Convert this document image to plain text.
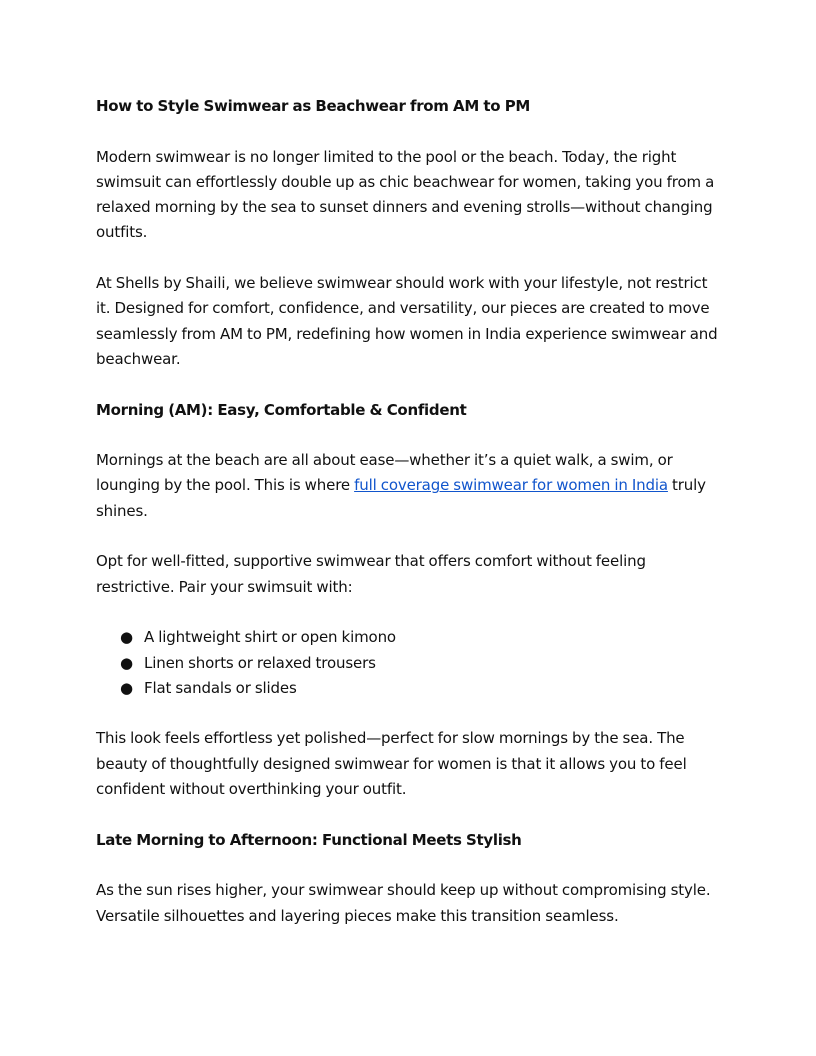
How to Style Swimwear as Beachwear from AM to PM

Modern swimwear is no longer limited to the pool or the beach. Today, the right swimsuit can effortlessly double up as chic beachwear for women, taking you from a relaxed morning by the sea to sunset dinners and evening strolls—without changing outfits.

At Shells by Shaili, we believe swimwear should work with your lifestyle, not restrict it. Designed for comfort, confidence, and versatility, our pieces are created to move seamlessly from AM to PM, redefining how women in India experience swimwear and beachwear.

Morning (AM): Easy, Comfortable & Confident

Mornings at the beach are all about ease—whether it’s a quiet walk, a swim, or lounging by the pool. This is where full coverage swimwear for women in India truly shines.

Opt for well-fitted, supportive swimwear that offers comfort without feeling restrictive. Pair your swimsuit with:

● A lightweight shirt or open kimono
● Linen shorts or relaxed trousers
● Flat sandals or slides

This look feels effortless yet polished—perfect for slow mornings by the sea. The beauty of thoughtfully designed swimwear for women is that it allows you to feel confident without overthinking your outfit.

Late Morning to Afternoon: Functional Meets Stylish

As the sun rises higher, your swimwear should keep up without compromising style. Versatile silhouettes and layering pieces make this transition seamless.
